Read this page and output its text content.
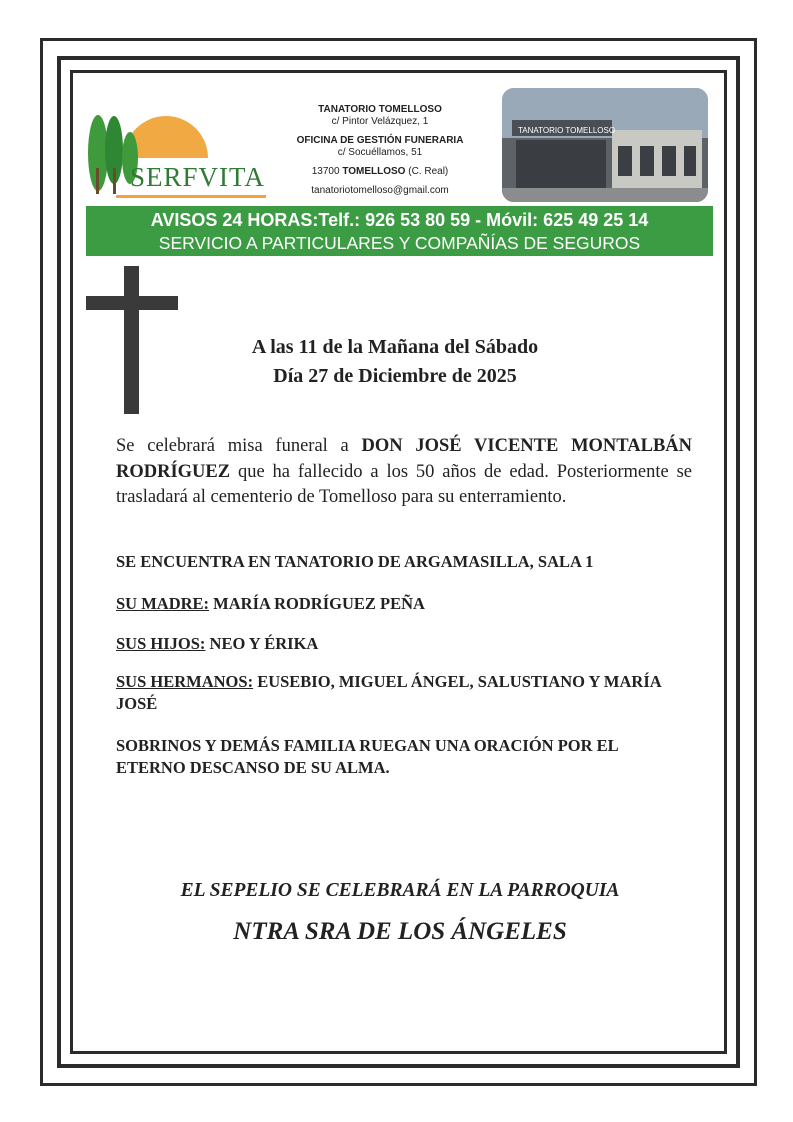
SERFVITA
TANATORIO TOMELLOSO
c/ Pintor Velázquez, 1
OFICINA DE GESTIÓN FUNERARIA
c/ Socuéllamos, 51
13700 TOMELLOSO (C. Real)
tanatoriotomelloso@gmail.com
TANATORIO TOMELLOSO
AVISOS 24 HORAS:Telf.: 926 53 80 59 - Móvil: 625 49 25 14
SERVICIO A PARTICULARES Y COMPAÑÍAS DE SEGUROS
A las 11 de la Mañana del Sábado
Día 27 de Diciembre de 2025
Se celebrará misa funeral a DON JOSÉ VICENTE MONTALBÁN RODRÍGUEZ que ha fallecido a los 50 años de edad. Posteriormente se trasladará al cementerio de Tomelloso para su enterramiento.
SE ENCUENTRA EN TANATORIO DE ARGAMASILLA, SALA 1
SU MADRE: MARÍA RODRÍGUEZ PEÑA
SUS HIJOS: NEO Y ÉRIKA
SUS HERMANOS: EUSEBIO, MIGUEL ÁNGEL, SALUSTIANO Y MARÍA JOSÉ
SOBRINOS Y DEMÁS FAMILIA RUEGAN UNA ORACIÓN POR EL ETERNO DESCANSO DE SU ALMA.
EL SEPELIO SE CELEBRARÁ EN LA PARROQUIA
NTRA SRA DE LOS ÁNGELES
